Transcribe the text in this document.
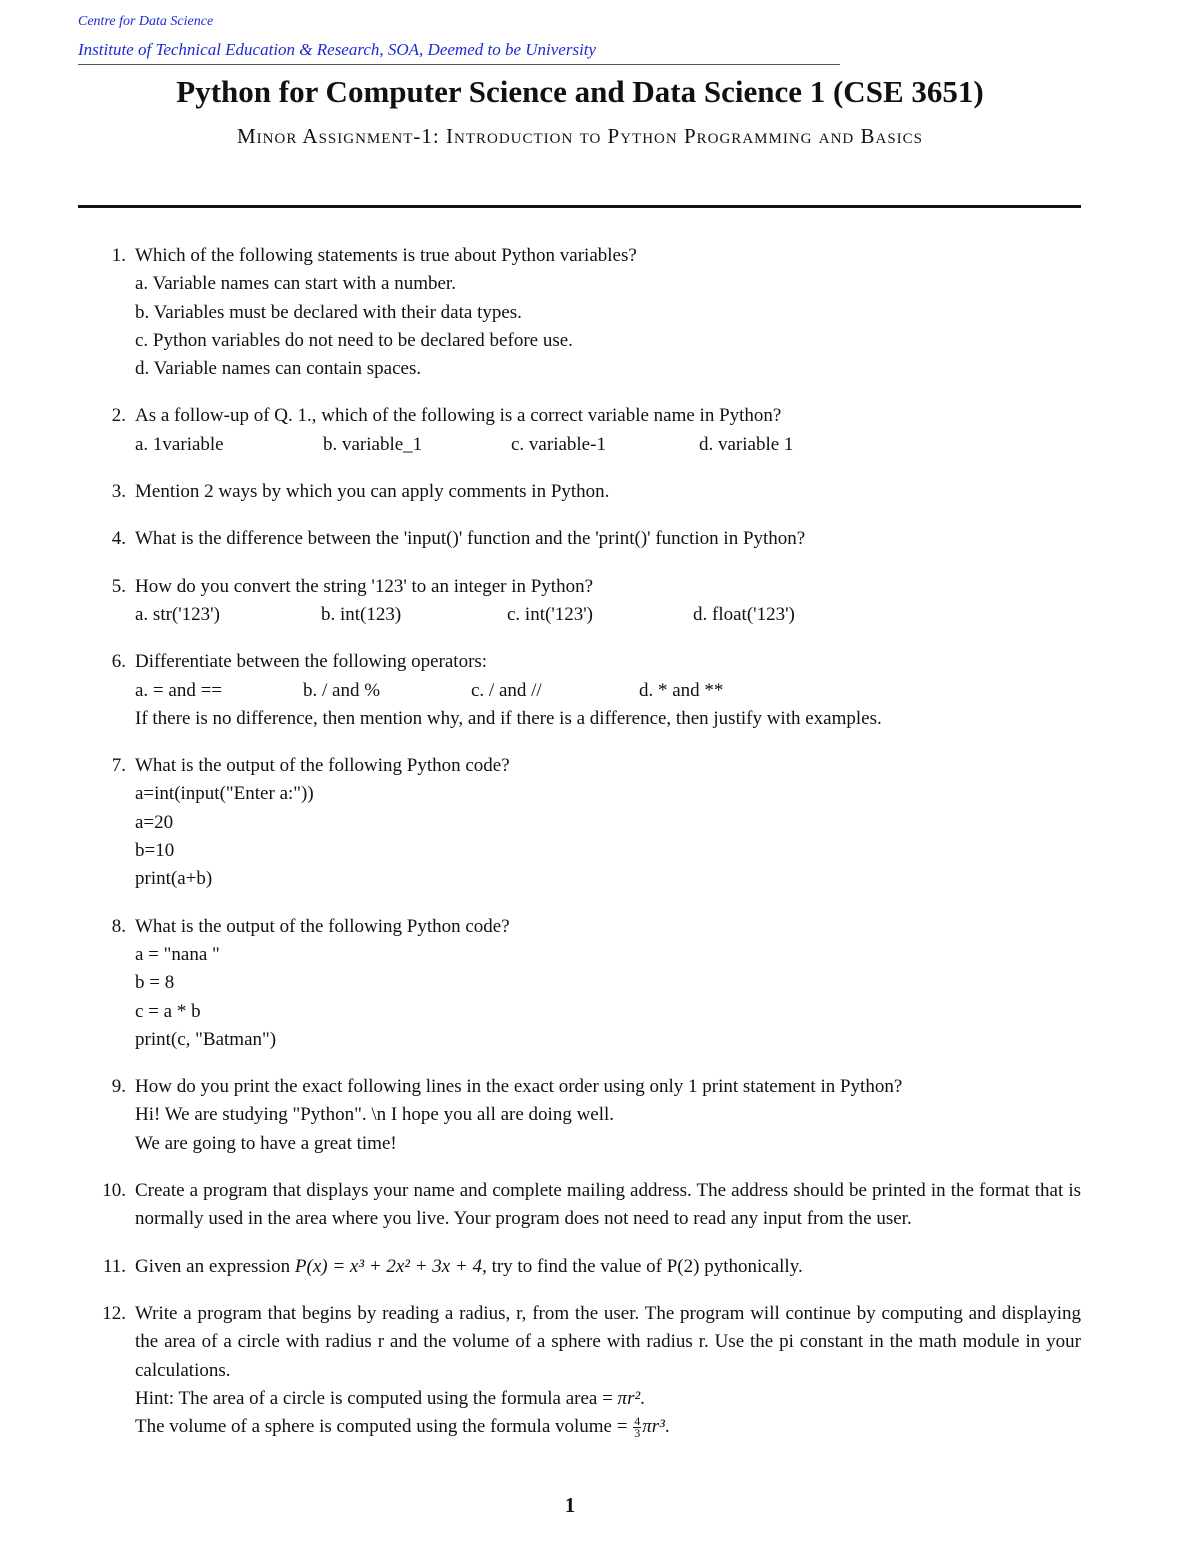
Centre for Data Science
Institute of Technical Education & Research, SOA, Deemed to be University
Python for Computer Science and Data Science 1 (CSE 3651)
Minor Assignment-1: Introduction to Python Programming and Basics
1. Which of the following statements is true about Python variables?
a. Variable names can start with a number.
b. Variables must be declared with their data types.
c. Python variables do not need to be declared before use.
d. Variable names can contain spaces.
2. As a follow-up of Q. 1., which of the following is a correct variable name in Python?
a. 1variable	b. variable_1	c. variable-1	d. variable 1
3. Mention 2 ways by which you can apply comments in Python.
4. What is the difference between the 'input()' function and the 'print()' function in Python?
5. How do you convert the string '123' to an integer in Python?
a. str('123')	b. int(123)	c. int('123')	d. float('123')
6. Differentiate between the following operators:
a. = and ==	b. / and %	c. / and //	d. * and **
If there is no difference, then mention why, and if there is a difference, then justify with examples.
7. What is the output of the following Python code?
a=int(input("Enter a:"))
a=20
b=10
print(a+b)
8. What is the output of the following Python code?
a = "nana "
b = 8
c = a * b
print(c, "Batman")
9. How do you print the exact following lines in the exact order using only 1 print statement in Python?
Hi! We are studying "Python". \n I hope you all are doing well.
We are going to have a great time!
10. Create a program that displays your name and complete mailing address. The address should be printed in the format that is normally used in the area where you live. Your program does not need to read any input from the user.
11. Given an expression P(x) = x³ + 2x² + 3x + 4, try to find the value of P(2) pythonically.
12. Write a program that begins by reading a radius, r, from the user. The program will continue by computing and displaying the area of a circle with radius r and the volume of a sphere with radius r. Use the pi constant in the math module in your calculations.
Hint: The area of a circle is computed using the formula area = πr².
The volume of a sphere is computed using the formula volume = $\frac{4}{3} \pi r^3$.
1
